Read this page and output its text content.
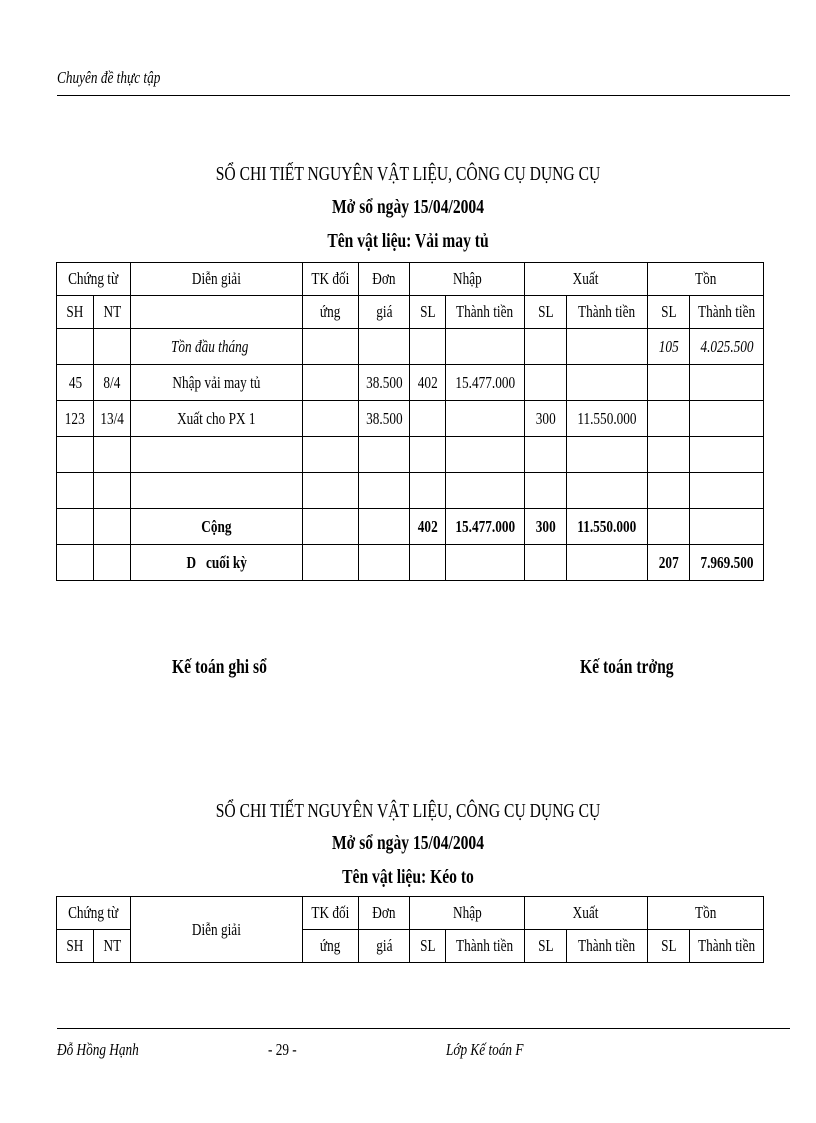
Chuyên đề thực tập
SỔ CHI TIẾT NGUYÊN VẬT LIỆU, CÔNG CỤ DỤNG CỤ
Mở sổ ngày 15/04/2004
Tên vật liệu: Vải may tủ
Chứng từ		Diễn giải	TK đối	Đơn	Nhập		Xuất		Tồn	
SH	NT		ứng	giá	SL	Thành tiền	SL	Thành tiền	SL	Thành tiền
		Tồn đầu tháng							105	4.025.500
45	8/4	Nhập vải may tủ		38.500	402	15.477.000				
123	13/4	Xuất cho PX 1		38.500			300	11.550.000		

		Cộng			402	15.477.000	300	11.550.000		
		D   cuối kỳ							207	7.969.500
Kế toán ghi sổ	Kế toán trởng
SỔ CHI TIẾT NGUYÊN VẬT LIỆU, CÔNG CỤ DỤNG CỤ
Mở sổ ngày 15/04/2004
Tên vật liệu: Kéo to
Chứng từ		Diễn giải	TK đối	Đơn	Nhập		Xuất		Tồn	
SH	NT		ứng	giá	SL	Thành tiền	SL	Thành tiền	SL	Thành tiền
Đỗ Hồng Hạnh	- 29 -	Lớp Kế toán F
